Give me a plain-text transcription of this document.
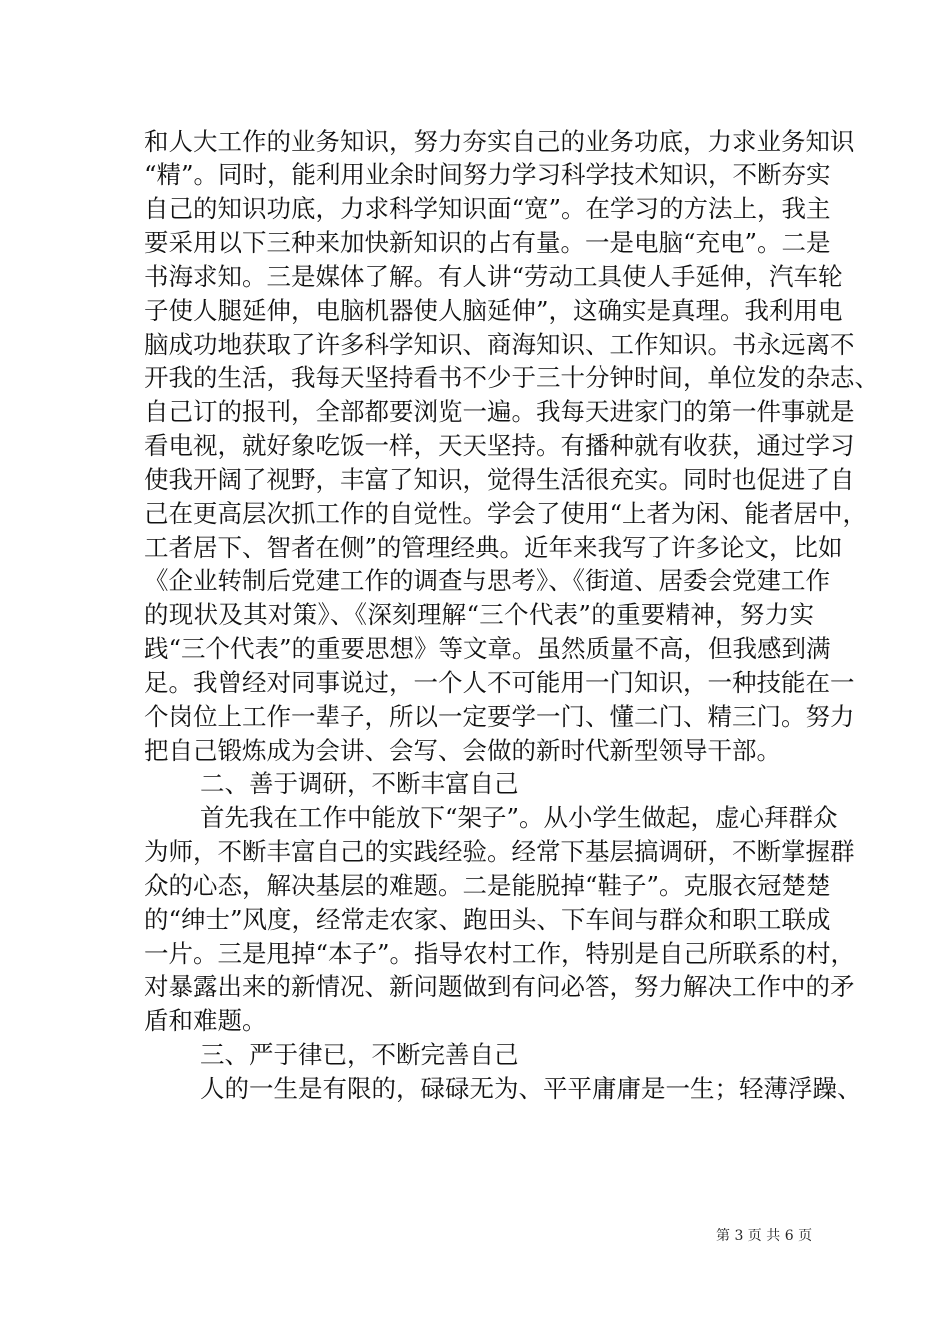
和人大工作的业务知识，努力夯实自己的业务功底，力求业务知识
“精”。同时，能利用业余时间努力学习科学技术知识，不断夯实
自己的知识功底，力求科学知识面“宽”。在学习的方法上，我主
要采用以下三种来加快新知识的占有量。一是电脑“充电”。二是
书海求知。三是媒体了解。有人讲“劳动工具使人手延伸，汽车轮
子使人腿延伸，电脑机器使人脑延伸”，这确实是真理。我利用电
脑成功地获取了许多科学知识、商海知识、工作知识。书永远离不
开我的生活，我每天坚持看书不少于三十分钟时间，单位发的杂志、
自己订的报刊，全部都要浏览一遍。我每天进家门的第一件事就是
看电视，就好象吃饭一样，天天坚持。有播种就有收获，通过学习
使我开阔了视野，丰富了知识，觉得生活很充实。同时也促进了自
己在更高层次抓工作的自觉性。学会了使用“上者为闲、能者居中，
工者居下、智者在侧”的管理经典。近年来我写了许多论文，比如
《企业转制后党建工作的调查与思考》、《街道、居委会党建工作
的现状及其对策》、《深刻理解“三个代表”的重要精神，努力实
践“三个代表”的重要思想》等文章。虽然质量不高，但我感到满
足。我曾经对同事说过，一个人不可能用一门知识，一种技能在一
个岗位上工作一辈子，所以一定要学一门、懂二门、精三门。努力
把自己锻炼成为会讲、会写、会做的新时代新型领导干部。
二、善于调研，不断丰富自己
首先我在工作中能放下“架子”。从小学生做起，虚心拜群众
为师，不断丰富自己的实践经验。经常下基层搞调研，不断掌握群
众的心态，解决基层的难题。二是能脱掉“鞋子”。克服衣冠楚楚
的“绅士”风度，经常走农家、跑田头、下车间与群众和职工联成
一片。三是甩掉“本子”。指导农村工作，特别是自己所联系的村，
对暴露出来的新情况、新问题做到有问必答，努力解决工作中的矛
盾和难题。
三、严于律已，不断完善自己
人的一生是有限的，碌碌无为、平平庸庸是一生；轻薄浮躁、
第 3 页 共 6 页
